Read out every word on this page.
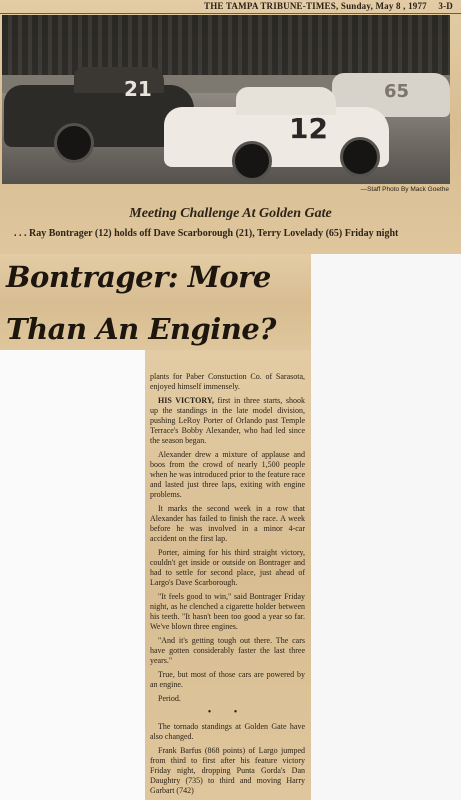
THE TAMPA TRIBUNE-TIMES, Sunday, May 8 , 1977 3-D
65
21
12
—Staff Photo By Mack Goethe
Meeting Challenge At Golden Gate
. . . Ray Bontrager (12) holds off Dave Scarborough (21), Terry Lovelady (65) Friday night
Bontrager: More
Than An Engine?

plants for Paber Constuction Co. of Sarasota, enjoyed himself immensely.

HIS VICTORY, first in three starts, shook up the standings in the late model division, pushing LeRoy Porter of Orlando past Temple Terrace's Bobby Alexander, who had led since the season began.

Alexander drew a mixture of applause and boos from the crowd of nearly 1,500 people when he was introduced prior to the feature race and lasted just three laps, exiting with engine problems.

It marks the second week in a row that Alexander has failed to finish the race. A week before he was involved in a minor 4-car accident on the first lap.

Porter, aiming for his third straight victory, couldn't get inside or outside on Bontrager and had to settle for second place, just ahead of Largo's Dave Scarborough.

"It feels good to win," said Bontrager Friday night, as he clenched a cigarette holder between his teeth. "It hasn't been too good a year so far. We've blown three engines.

"And it's getting tough out there. The cars have gotten considerably faster the last three years."

True, but most of those cars are powered by an engine.

Period.

• •

The tornado standings at Golden Gate have also changed.

Frank Barfus (868 points) of Largo jumped from third to first after his feature victory Friday night, dropping Punta Gorda's Dan Daughtry (735) to third and moving Harry Garbart (742)
